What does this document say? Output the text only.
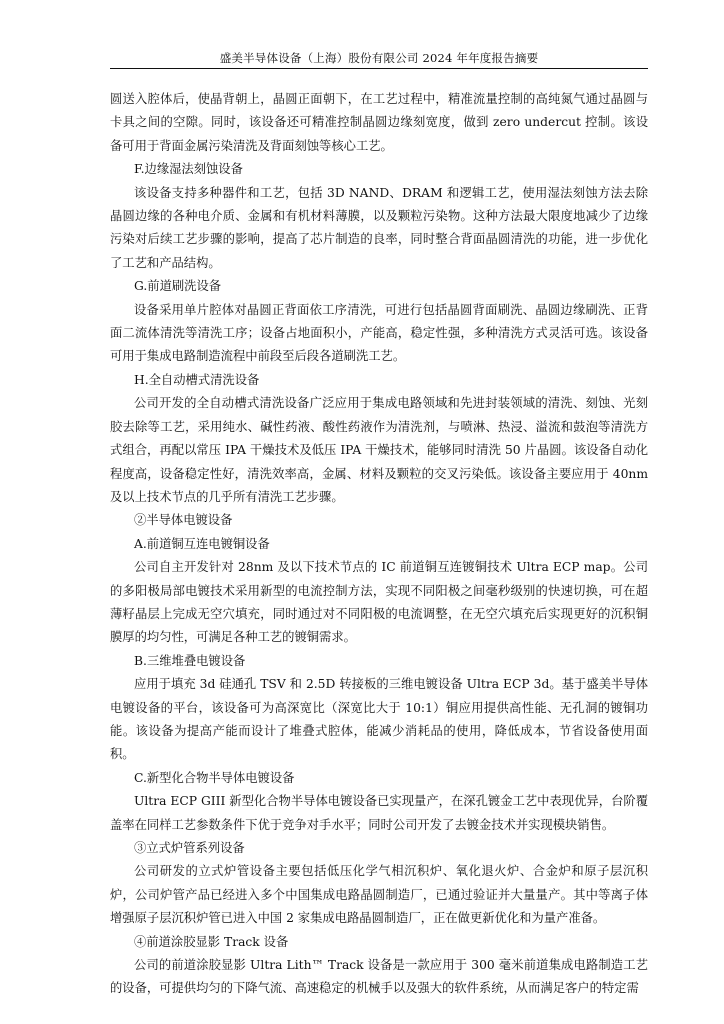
盛美半导体设备（上海）股份有限公司 2024 年年度报告摘要

圆送入腔体后，使晶背朝上，晶圆正面朝下，在工艺过程中，精准流量控制的高纯氮气通过晶圆与卡具之间的空隙。同时，该设备还可精准控制晶圆边缘刻宽度，做到 zero undercut 控制。该设备可用于背面金属污染清洗及背面刻蚀等核心工艺。

F.边缘湿法刻蚀设备

该设备支持多种器件和工艺，包括 3D NAND、DRAM 和逻辑工艺，使用湿法刻蚀方法去除晶圆边缘的各种电介质、金属和有机材料薄膜，以及颗粒污染物。这种方法最大限度地减少了边缘污染对后续工艺步骤的影响，提高了芯片制造的良率，同时整合背面晶圆清洗的功能，进一步优化了工艺和产品结构。

G.前道刷洗设备

设备采用单片腔体对晶圆正背面依工序清洗，可进行包括晶圆背面刷洗、晶圆边缘刷洗、正背面二流体清洗等清洗工序；设备占地面积小，产能高，稳定性强，多种清洗方式灵活可选。该设备可用于集成电路制造流程中前段至后段各道刷洗工艺。

H.全自动槽式清洗设备

公司开发的全自动槽式清洗设备广泛应用于集成电路领域和先进封装领域的清洗、刻蚀、光刻胶去除等工艺，采用纯水、碱性药液、酸性药液作为清洗剂，与喷淋、热浸、溢流和鼓泡等清洗方式组合，再配以常压 IPA 干燥技术及低压 IPA 干燥技术，能够同时清洗 50 片晶圆。该设备自动化程度高，设备稳定性好，清洗效率高，金属、材料及颗粒的交叉污染低。该设备主要应用于 40nm 及以上技术节点的几乎所有清洗工艺步骤。

②半导体电镀设备

A.前道铜互连电镀铜设备

公司自主开发针对 28nm 及以下技术节点的 IC 前道铜互连镀铜技术 Ultra ECP map。公司的多阳极局部电镀技术采用新型的电流控制方法，实现不同阳极之间毫秒级别的快速切换，可在超薄籽晶层上完成无空穴填充，同时通过对不同阳极的电流调整，在无空穴填充后实现更好的沉积铜膜厚的均匀性，可满足各种工艺的镀铜需求。

B.三维堆叠电镀设备

应用于填充 3d 硅通孔 TSV 和 2.5D 转接板的三维电镀设备 Ultra ECP 3d。基于盛美半导体电镀设备的平台，该设备可为高深宽比（深宽比大于 10:1）铜应用提供高性能、无孔洞的镀铜功能。该设备为提高产能而设计了堆叠式腔体，能减少消耗品的使用，降低成本，节省设备使用面积。

C.新型化合物半导体电镀设备

Ultra ECP GIII 新型化合物半导体电镀设备已实现量产，在深孔镀金工艺中表现优异，台阶覆盖率在同样工艺参数条件下优于竞争对手水平；同时公司开发了去镀金技术并实现模块销售。

③立式炉管系列设备

公司研发的立式炉管设备主要包括低压化学气相沉积炉、氧化退火炉、合金炉和原子层沉积炉，公司炉管产品已经进入多个中国集成电路晶圆制造厂，已通过验证并大量量产。其中等离子体增强原子层沉积炉管已进入中国 2 家集成电路晶圆制造厂，正在做更新优化和为量产准备。

④前道涂胶显影 Track 设备

公司的前道涂胶显影 Ultra Lith™ Track 设备是一款应用于 300 毫米前道集成电路制造工艺的设备，可提供均匀的下降气流、高速稳定的机械手以及强大的软件系统，从而满足客户的特定需
